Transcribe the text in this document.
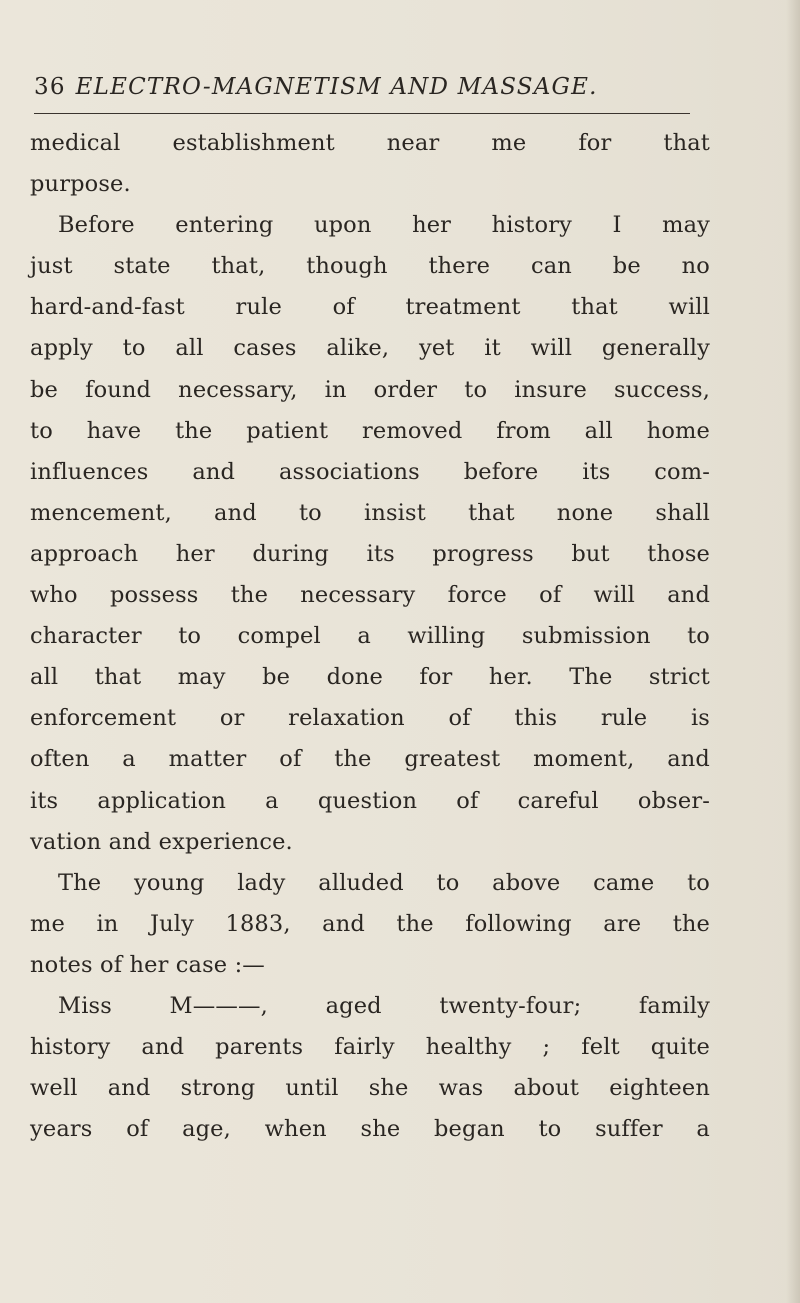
36 ELECTRO-MAGNETISM AND MASSAGE.
medical establishment near me for that
purpose.
Before entering upon her history I may
just state that, though there can be no
hard-and-fast rule of treatment that will
apply to all cases alike, yet it will generally
be found necessary, in order to insure success,
to have the patient removed from all home
influences and associations before its com-
mencement, and to insist that none shall
approach her during its progress but those
who possess the necessary force of will and
character to compel a willing submission to
all that may be done for her. The strict
enforcement or relaxation of this rule is
often a matter of the greatest moment, and
its application a question of careful obser-
vation and experience.
The young lady alluded to above came to
me in July 1883, and the following are the
notes of her case :—
Miss M———, aged twenty-four; family
history and parents fairly healthy ; felt quite
well and strong until she was about eighteen
years of age, when she began to suffer a
